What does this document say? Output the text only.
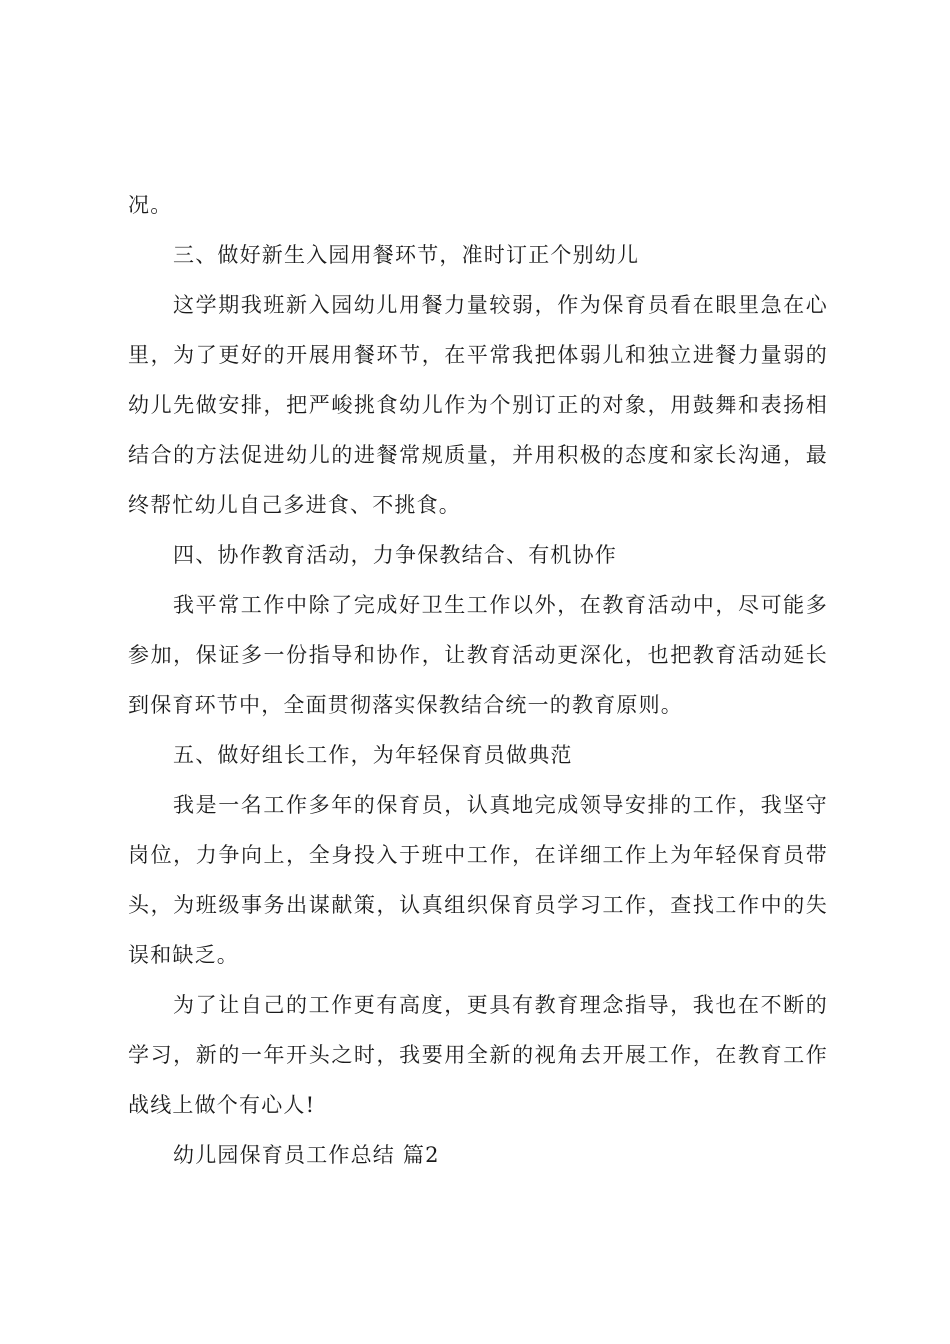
况。
三、做好新生入园用餐环节，准时订正个别幼儿
这学期我班新入园幼儿用餐力量较弱，作为保育员看在眼里急在心
里，为了更好的开展用餐环节，在平常我把体弱儿和独立进餐力量弱的
幼儿先做安排，把严峻挑食幼儿作为个别订正的对象，用鼓舞和表扬相
结合的方法促进幼儿的进餐常规质量，并用积极的态度和家长沟通，最
终帮忙幼儿自己多进食、不挑食。
四、协作教育活动，力争保教结合、有机协作
我平常工作中除了完成好卫生工作以外，在教育活动中，尽可能多
参加，保证多一份指导和协作，让教育活动更深化，也把教育活动延长
到保育环节中，全面贯彻落实保教结合统一的教育原则。
五、做好组长工作，为年轻保育员做典范
我是一名工作多年的保育员，认真地完成领导安排的工作，我坚守
岗位，力争向上，全身投入于班中工作，在详细工作上为年轻保育员带
头，为班级事务出谋献策，认真组织保育员学习工作，查找工作中的失
误和缺乏。
为了让自己的工作更有高度，更具有教育理念指导，我也在不断的
学习，新的一年开头之时，我要用全新的视角去开展工作，在教育工作
战线上做个有心人!
幼儿园保育员工作总结 篇2
